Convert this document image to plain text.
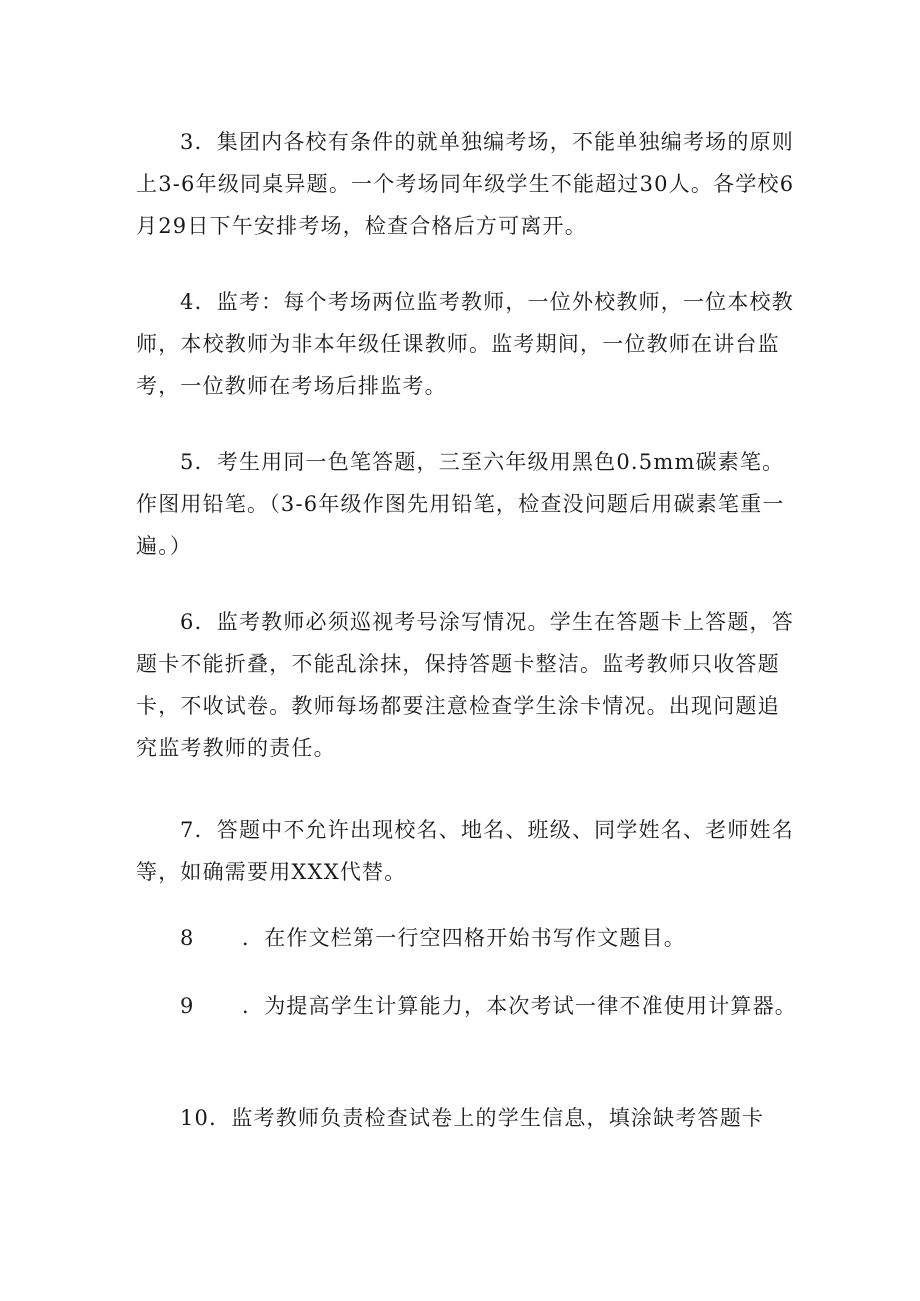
3．集团内各校有条件的就单独编考场，不能单独编考场的原则上3-6年级同桌异题。一个考场同年级学生不能超过30人。各学校6月29日下午安排考场，检查合格后方可离开。

4．监考：每个考场两位监考教师，一位外校教师，一位本校教师，本校教师为非本年级任课教师。监考期间，一位教师在讲台监考，一位教师在考场后排监考。

5．考生用同一色笔答题，三至六年级用黑色0.5mm碳素笔。作图用铅笔。（3-6年级作图先用铅笔，检查没问题后用碳素笔重一遍。）

6．监考教师必须巡视考号涂写情况。学生在答题卡上答题，答题卡不能折叠，不能乱涂抹，保持答题卡整洁。监考教师只收答题卡，不收试卷。教师每场都要注意检查学生涂卡情况。出现问题追究监考教师的责任。

7．答题中不允许出现校名、地名、班级、同学姓名、老师姓名等，如确需要用XXX代替。

8 ．在作文栏第一行空四格开始书写作文题目。

9 ．为提高学生计算能力，本次考试一律不准使用计算器。

10．监考教师负责检查试卷上的学生信息，填涂缺考答题卡
